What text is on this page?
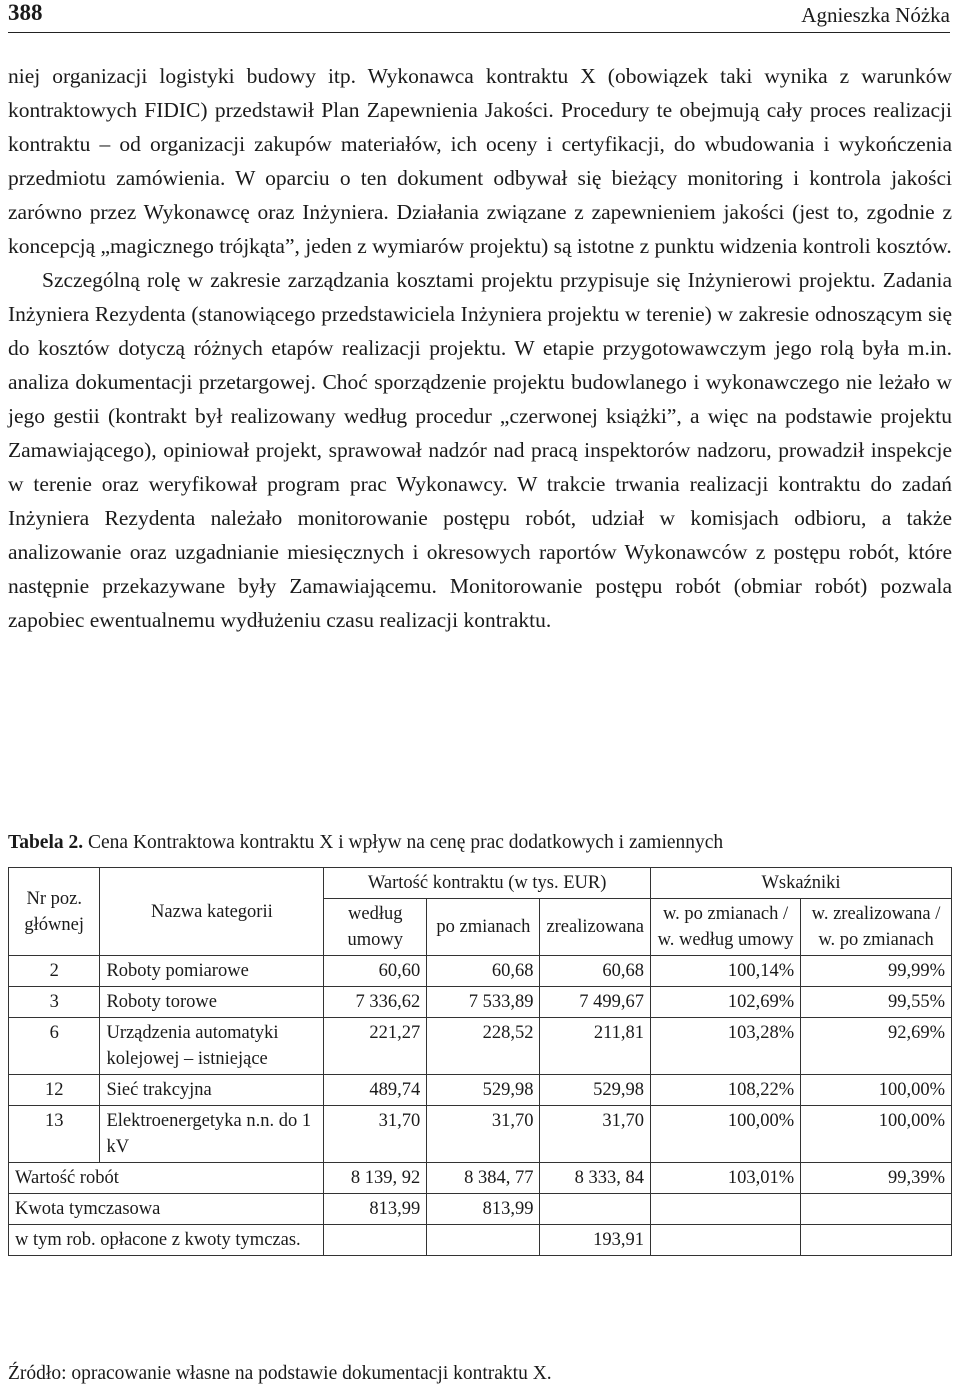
388	Agnieszka Nóżka

niej organizacji logistyki budowy itp. Wykonawca kontraktu X (obowiązek taki wynika z warunków kontraktowych FIDIC) przedstawił Plan Zapewnienia Jakości. Procedury te obejmują cały proces realizacji kontraktu – od organizacji zakupów materiałów, ich oceny i certyfikacji, do wbudowania i wykończenia przedmiotu zamówienia. W oparciu o ten dokument odbywał się bieżący monitoring i kontrola jakości zarówno przez Wykonawcę oraz Inżyniera. Działania związane z zapewnieniem jakości (jest to, zgodnie z koncepcją „magicznego trójkąta”, jeden z wymiarów projektu) są istotne z punktu widzenia kontroli kosztów.

Szczególną rolę w zakresie zarządzania kosztami projektu przypisuje się Inżynierowi projektu. Zadania Inżyniera Rezydenta (stanowiącego przedstawiciela Inżyniera projektu w terenie) w zakresie odnoszącym się do kosztów dotyczą różnych etapów realizacji projektu. W etapie przygotowawczym jego rolą była m.in. analiza dokumentacji przetargowej. Choć sporządzenie projektu budowlanego i wykonawczego nie leżało w jego gestii (kontrakt był realizowany według procedur „czerwonej książki”, a więc na podstawie projektu Zamawiającego), opiniował projekt, sprawował nadzór nad pracą inspektorów nadzoru, prowadził inspekcje w terenie oraz weryfikował program prac Wykonawcy. W trakcie trwania realizacji kontraktu do zadań Inżyniera Rezydenta należało monitorowanie postępu robót, udział w komisjach odbioru, a także analizowanie oraz uzgadnianie miesięcznych i okresowych raportów Wykonawców z postępu robót, które następnie przekazywane były Zamawiającemu. Monitorowanie postępu robót (obmiar robót) pozwala zapobiec ewentualnemu wydłużeniu czasu realizacji kontraktu.

Tabela 2. Cena Kontraktowa kontraktu X i wpływ na cenę prac dodatkowych i zamiennych
Nr poz. głównej	Nazwa kategorii	Wartość kontraktu (w tys. EUR)			Wskaźniki	
		według umowy	po zmianach	zrealizowana	w. po zmianach / w. według umowy	w. zrealizowana / w. po zmianach
2	Roboty pomiarowe	60,60	60,68	60,68	100,14%	99,99%
3	Roboty torowe	7 336,62	7 533,89	7 499,67	102,69%	99,55%
6	Urządzenia automatyki kolejowej – istniejące	221,27	228,52	211,81	103,28%	92,69%
12	Sieć trakcyjna	489,74	529,98	529,98	108,22%	100,00%
13	Elektroenergetyka n.n. do 1 kV	31,70	31,70	31,70	100,00%	100,00%
Wartość robót		8 139, 92	8 384, 77	8 333, 84	103,01%	99,39%
Kwota tymczasowa		813,99	813,99			
w tym rob. opłacone z kwoty tymczas.				193,91		
Źródło: opracowanie własne na podstawie dokumentacji kontraktu X.
